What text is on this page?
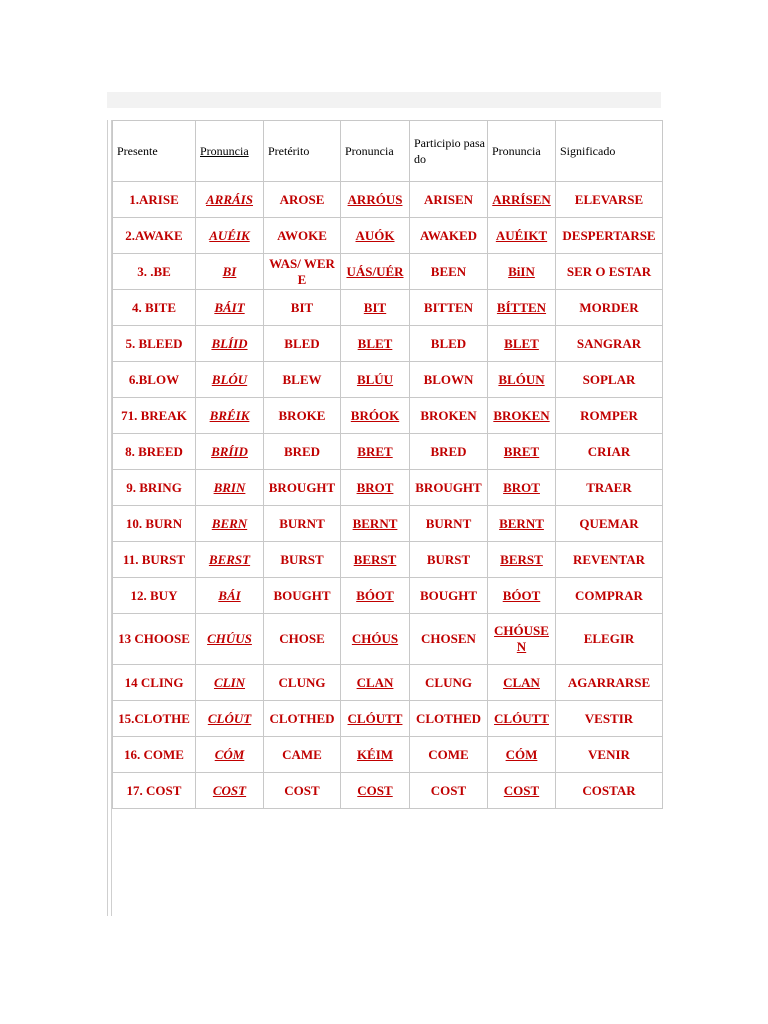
Presente	Pronuncia	Pretérito	Pronuncia	Participio pasado	Pronuncia	Significado
1.ARISE	ARRÁIS	AROSE	ARRÓUS	ARISEN	ARRÍSEN	ELEVARSE
2.AWAKE	AUÉIK	AWOKE	AUÓK	AWAKED	AUÉIKT	DESPERTARSE
3. .BE	BI	WAS/ WERE	UÁS/UÉR	BEEN	BiIN	SER O ESTAR
4. BITE	BÁIT	BIT	BIT	BITTEN	BÍTTEN	MORDER
5. BLEED	BLÍID	BLED	BLET	BLED	BLET	SANGRAR
6.BLOW	BLÓU	BLEW	BLÚU	BLOWN	BLÓUN	SOPLAR
71. BREAK	BRÉIK	BROKE	BRÓOK	BROKEN	BROKEN	ROMPER
8. BREED	BRÍID	BRED	BRET	BRED	BRET	CRIAR
9. BRING	BRIN	BROUGHT	BROT	BROUGHT	BROT	TRAER
10. BURN	BERN	BURNT	BERNT	BURNT	BERNT	QUEMAR
11. BURST	BERST	BURST	BERST	BURST	BERST	REVENTAR
12. BUY	BÁI	BOUGHT	BÓOT	BOUGHT	BÓOT	COMPRAR
13 CHOOSE	CHÚUS	CHOSE	CHÓUS	CHOSEN	CHÓUSEN	ELEGIR
14 CLING	CLIN	CLUNG	CLAN	CLUNG	CLAN	AGARRARSE
15.CLOTHE	CLÓUT	CLOTHED	CLÓUTT	CLOTHED	CLÓUTT	VESTIR
16. COME	CÓM	CAME	KÉIM	COME	CÓM	VENIR
17. COST	COST	COST	COST	COST	COST	COSTAR
